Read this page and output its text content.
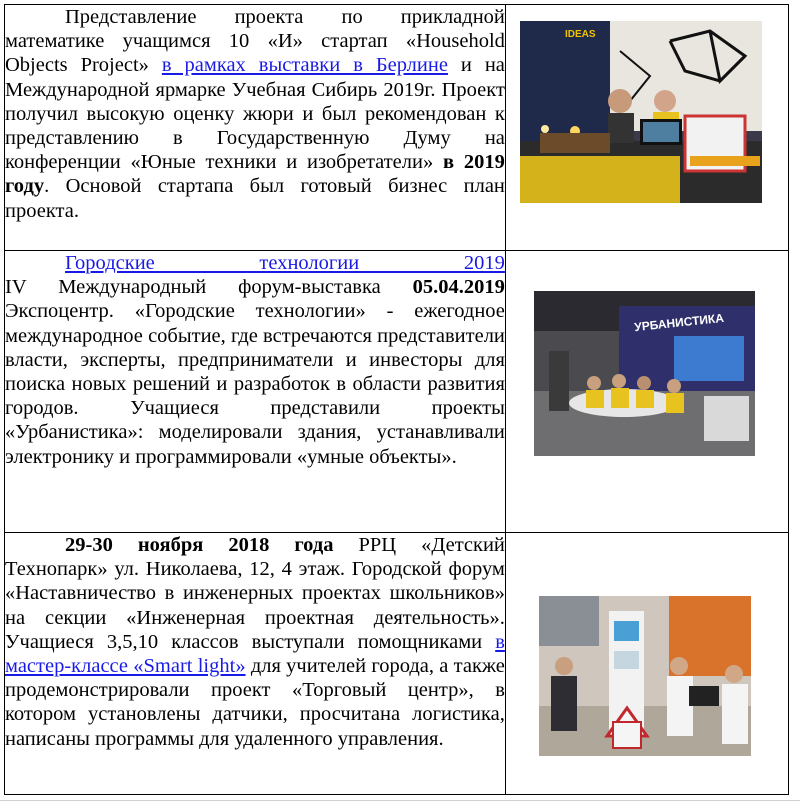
Представление проекта по прикладной математике учащимся 10 «И» стартап «Household Objects Project» в рамках выставки в Берлине и на Международной ярмарке Учебная Сибирь 2019г. Проект получил высокую оценку жюри и был рекомендован к представлению в Государственную Думу на конференции «Юные техники и изобретатели» в 2019 году. Основой стартапа был готовый бизнес план проекта.	IDEAS

Городские технологии 2019

IV Международный форум-выставка 05.04.2019 Экспоцентр. «Городские технологии» - ежегодное международное событие, где встречаются представители власти, эксперты, предприниматели и инвесторы для поиска новых решений и разработок в области развития городов. Учащиеся представили проекты «Урбанистика»: моделировали здания, устанавливали электронику и программировали «умные объекты».	УРБАНИСТИКА

29-30 ноября 2018 года РРЦ «Детский Технопарк» ул. Николаева, 12, 4 этаж. Городской форум «Наставничество в инженерных проектах школьников» на секции «Инженерная проектная деятельность». Учащиеся 3,5,10 классов выступали помощниками в мастер-классе «Smart light» для учителей города, а также продемонстрировали проект «Торговый центр», в котором установлены датчики, просчитана логистика, написаны программы для удаленного управления.
